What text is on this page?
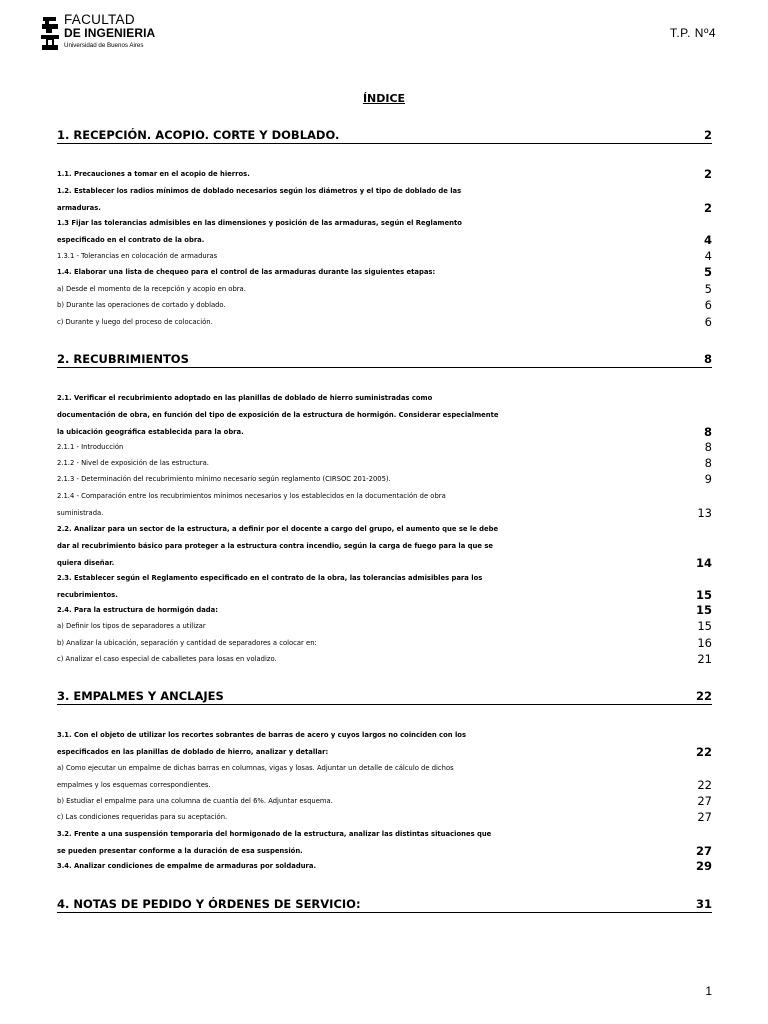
FACULTAD
DE INGENIERIA
Universidad de Buenos Aires
T.P. Nº4
ÍNDICE
1. RECEPCIÓN. ACOPIO. CORTE Y DOBLADO.	2
1.1. Precauciones a tomar en el acopio de hierros.	2
1.2. Establecer los radios mínimos de doblado necesarios según los diámetros y el tipo de doblado de las
armaduras.	2
1.3 Fijar las tolerancias admisibles en las dimensiones y posición de las armaduras, según el Reglamento
especificado en el contrato de la obra.	4
1.3.1 - Tolerancias en colocación de armaduras	4
1.4. Elaborar una lista de chequeo para el control de las armaduras durante las siguientes etapas:	5
a) Desde el momento de la recepción y acopio en obra.	5
b) Durante las operaciones de cortado y doblado.	6
c) Durante y luego del proceso de colocación.	6
2. RECUBRIMIENTOS	8
2.1. Verificar el recubrimiento adoptado en las planillas de doblado de hierro suministradas como
documentación de obra, en función del tipo de exposición de la estructura de hormigón. Considerar especialmente
la ubicación geográfica establecida para la obra.	8
2.1.1 - Introducción	8
2.1.2 - Nivel de exposición de las estructura.	8
2.1.3 - Determinación del recubrimiento mínimo necesario según reglamento (CIRSOC 201-2005).	9
2.1.4 - Comparación entre los recubrimientos mínimos necesarios y los establecidos en la documentación de obra
suministrada.	13
2.2. Analizar para un sector de la estructura, a definir por el docente a cargo del grupo, el aumento que se le debe
dar al recubrimiento básico para proteger a la estructura contra incendio, según la carga de fuego para la que se
quiera diseñar.	14
2.3. Establecer según el Reglamento especificado en el contrato de la obra, las tolerancias admisibles para los
recubrimientos.	15
2.4. Para la estructura de hormigón dada:	15
a) Definir los tipos de separadores a utilizar	15
b) Analizar la ubicación, separación y cantidad de separadores a colocar en:	16
c) Analizar el caso especial de caballetes para losas en voladizo.	21
3. EMPALMES Y ANCLAJES	22
3.1. Con el objeto de utilizar los recortes sobrantes de barras de acero y cuyos largos no coinciden con los
especificados en las planillas de doblado de hierro, analizar y detallar:	22
a) Como ejecutar un empalme de dichas barras en columnas, vigas y losas. Adjuntar un detalle de cálculo de dichos
empalmes y los esquemas correspondientes.	22
b) Estudiar el empalme para una columna de cuantía del 6%. Adjuntar esquema.	27
c) Las condiciones requeridas para su aceptación.	27
3.2. Frente a una suspensión temporaria del hormigonado de la estructura, analizar las distintas situaciones que
se pueden presentar conforme a la duración de esa suspensión.	27
3.4. Analizar condiciones de empalme de armaduras por soldadura.	29
4. NOTAS DE PEDIDO Y ÓRDENES DE SERVICIO:	31
1
